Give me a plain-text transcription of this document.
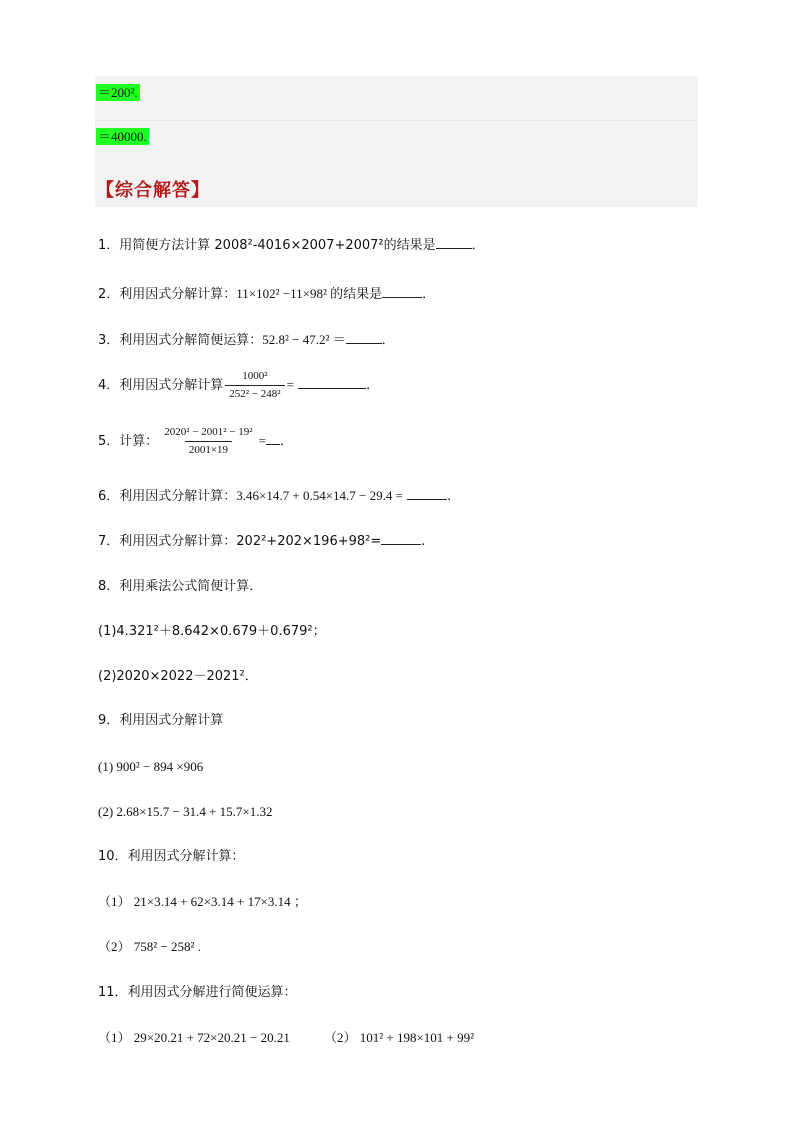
＝200².
＝40000.
【综合解答】
1．用简便方法计算 2008²-4016×2007+2007²的结果是	．
2．利用因式分解计算：11×102² −11×98² 的结果是	．
3．利用因式分解简便运算：52.8² − 47.2² ＝	．
4．利用因式分解计算 $\frac{\text{1000²}}{\text{252² − 248²}}$ =	．
5．计算： $\frac{\text{2020² − 2001² − 19²}}{2001\times 19}$ = ．
6．利用因式分解计算：3.46×14.7 + 0.54×14.7 − 29.4 =	.
7．利用因式分解计算：202²+202×196+98²=	.
8．利用乘法公式简便计算．
(1)4.321²＋8.642×0.679＋0.679²；
(2)2020×2022－2021²．
9．利用因式分解计算
(1) 900² − 894 ×906
(2) 2.68×15.7 − 31.4 + 15.7×1.32
10．利用因式分解计算：
（1） 21×3.14 + 62×3.14 + 17×3.14 ；
（2） 758² − 258² .
11．利用因式分解进行简便运算：
（1） 29×20.21 + 72×20.21 − 20.21	（2） 101² + 198×101 + 99²
